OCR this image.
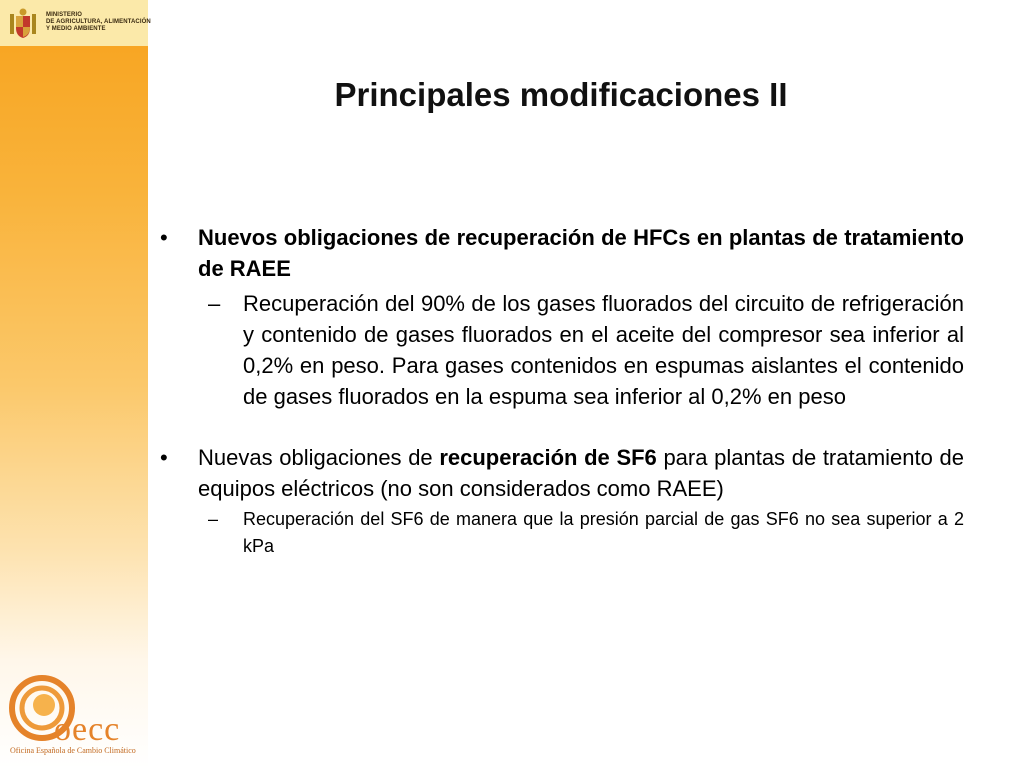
MINISTERIO
DE AGRICULTURA, ALIMENTACIÓN
Y MEDIO AMBIENTE
Principales modificaciones II
•	Nuevos obligaciones de recuperación de HFCs en plantas de tratamiento de RAEE
–	Recuperación del 90% de los gases fluorados del circuito de refrigeración y contenido de gases fluorados en el aceite del compresor sea inferior al 0,2% en peso. Para gases contenidos en espumas aislantes el contenido de gases fluorados en la espuma sea inferior al 0,2% en peso
•	Nuevas obligaciones de recuperación de SF6 para plantas de tratamiento de equipos eléctricos (no son considerados como RAEE)
–	Recuperación del SF6 de manera que la presión parcial de gas SF6 no sea superior a 2 kPa
oecc
Oficina Española de Cambio Climático
